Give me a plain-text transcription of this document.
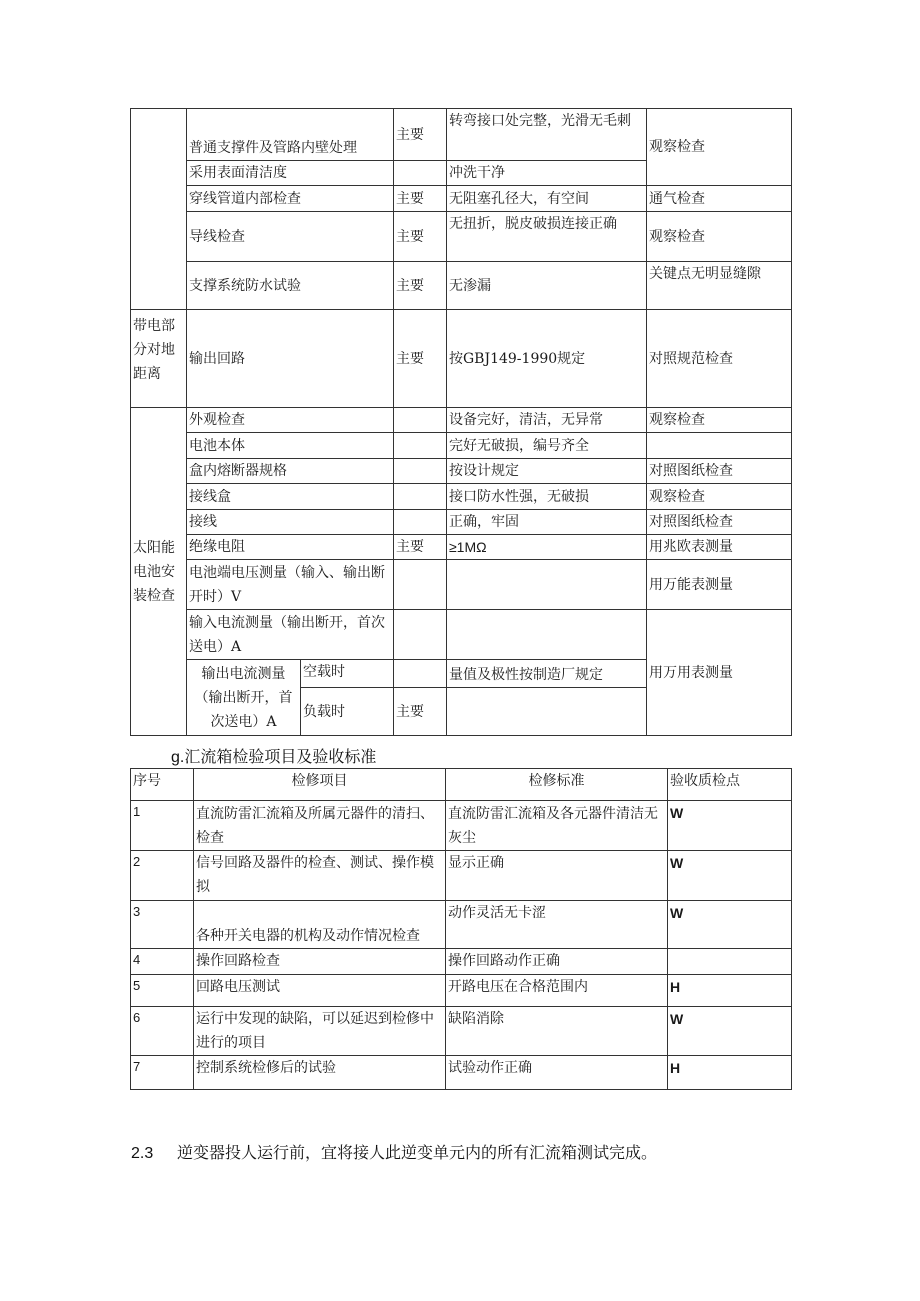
	普通支撑件及管路内壁处理		主要	转弯接口处完整，光滑无毛刺	观察检查
	采用表面清洁度			冲洗干净	
	穿线管道内部检查		主要	无阻塞孔径大，有空间	通气检查
	导线检查		主要	无扭折，脱皮破损连接正确	观察检查
	支撑系统防水试验		主要	无渗漏	关键点无明显缝隙
带电部分对地距离	输出回路		主要	按GBJ149-1990规定	对照规范检查
太阳能电池安装检查	外观检查			设备完好，清洁，无异常	观察检查
	电池本体			完好无破损，编号齐全	
	盒内熔断器规格			按设计规定	对照图纸检查
	接线盒			接口防水性强，无破损	观察检查
	接线			正确，牢固	对照图纸检查
	绝缘电阻		主要	≥1MΩ	用兆欧表测量
	电池端电压测量（输入、输出断开时）V				用万能表测量
	输入电流测量（输出断开，首次送电）A				用万用表测量
	输出电流测量（输出断开，首次送电）A	空载时		量值及极性按制造厂规定	
		负载时	主要		
g.汇流箱检验项目及验收标准
序号	检修项目	检修标准	验收质检点
1	直流防雷汇流箱及所属元器件的清扫、检查	直流防雷汇流箱及各元器件清洁无灰尘	W
2	信号回路及器件的检查、测试、操作模拟	显示正确	W
3	各种开关电器的机构及动作情况检查	动作灵活无卡涩	W
4	操作回路检查	操作回路动作正确	
5	回路电压测试	开路电压在合格范围内	H
6	运行中发现的缺陷，可以延迟到检修中进行的项目	缺陷消除	W
7	控制系统检修后的试验	试验动作正确	H
2.3 逆变器投人运行前，宜将接人此逆变单元内的所有汇流箱测试完成。
